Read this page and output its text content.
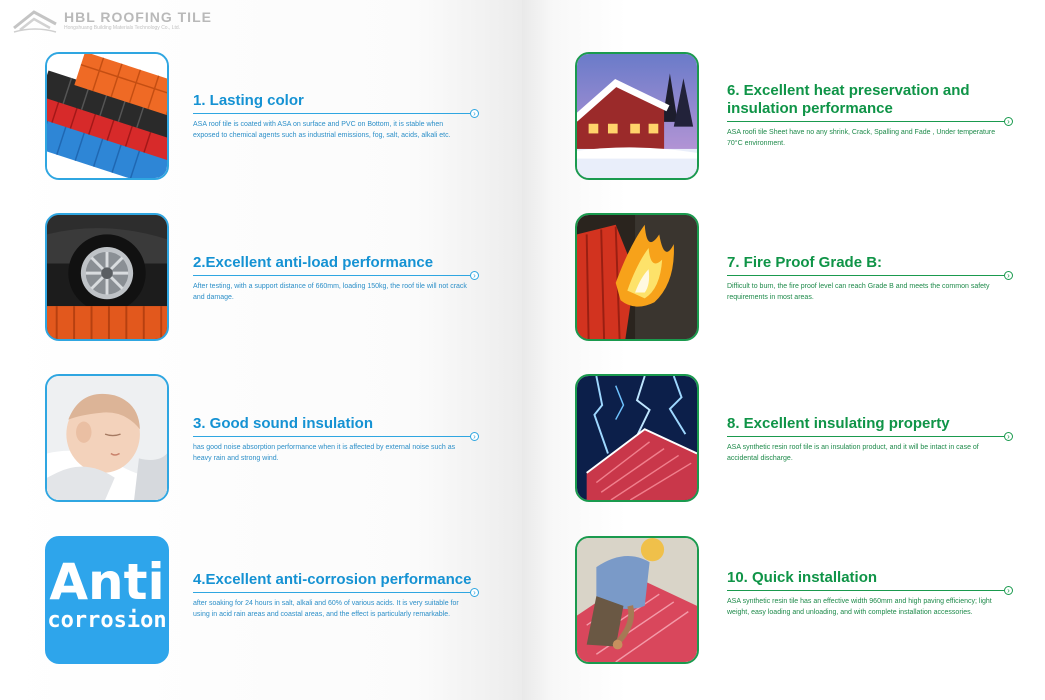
HBL ROOFING TILE
Hongshuang Building Materials Technology Co., Ltd.
1. Lasting color
›
ASA roof tile is coated with ASA on surface and PVC on Bottom, it is stable when exposed to chemical agents such as industrial emissions, fog, salt, acids, alkali etc.
2.Excellent anti-load performance
›
After testing, with a support distance of 660mm, loading 150kg, the roof tile will not crack and damage.
3. Good sound insulation
›
has good noise absorption performance when it is affected by external noise such as heavy rain and strong wind.
Anti
corrosion
4.Excellent anti-corrosion performance
›
after soaking for 24 hours in salt, alkali and 60% of various acids. It is very suitable for using in acid rain areas and coastal areas, and the effect is particularly remarkable.
6. Excellent heat preservation and insulation performance
›
ASA roofi tile Sheet have no any shrink, Crack, Spalling and Fade , Under temperature 70°C environment.
7. Fire Proof Grade B:
›
Difficult to burn, the fire proof level can reach Grade B and meets the common safety requirements in most areas.
8. Excellent insulating property
›
ASA synthetic resin roof tile is an insulation product, and it will be intact in case of accidental discharge.
10. Quick installation
›
ASA synthetic resin tile has an effective width 960mm and high paving efficiency; light weight, easy loading and unloading, and with complete installation accessories.
